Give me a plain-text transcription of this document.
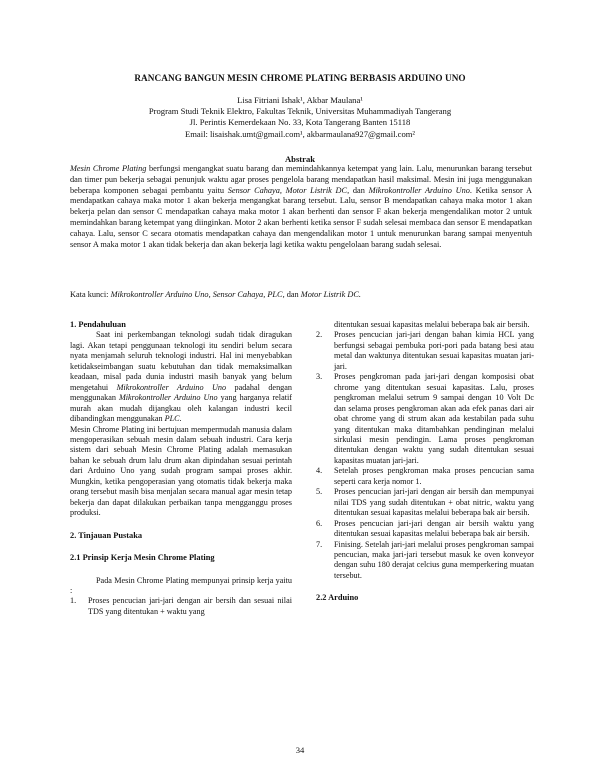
RANCANG BANGUN MESIN CHROME PLATING BERBASIS ARDUINO UNO
Lisa Fitriani Ishak¹, Akbar Maulana¹
Program Studi Teknik Elektro, Fakultas Teknik, Universitas Muhammadiyah Tangerang
Jl. Perintis Kemerdekaan No. 33, Kota Tangerang Banten 15118
Email: lisaishak.umt@gmail.com¹, akbarmaulana927@gmail.com²
Abstrak
Mesin Chrome Plating berfungsi mengangkat suatu barang dan memindahkannya ketempat yang lain. Lalu, menurunkan barang tersebut dan timer pun bekerja sebagai penunjuk waktu agar proses pengelola barang mendapatkan hasil maksimal. Mesin ini juga menggunakan beberapa komponen sebagai pembantu yaitu Sensor Cahaya, Motor Listrik DC, dan Mikrokontroller Arduino Uno. Ketika sensor A mendapatkan cahaya maka motor 1 akan bekerja mengangkat barang tersebut. Lalu, sensor B mendapatkan cahaya maka motor 1 akan bekerja pelan dan sensor C mendapatkan cahaya maka motor 1 akan berhenti dan sensor F akan bekerja mengendalikan motor 2 untuk memindahkan barang ketempat yang diinginkan. Motor 2 akan berhenti ketika sensor F sudah selesai membaca dan sensor E mendapatkan cahaya. Lalu, sensor C secara otomatis mendapatkan cahaya dan mengendalikan motor 1 untuk menurunkan barang sampai menyentuh sensor A maka motor 1 akan tidak bekerja dan akan bekerja lagi ketika waktu pengelolaan barang sudah selesai.
Kata kunci: Mikrokontroller Arduino Uno, Sensor Cahaya, PLC, dan Motor Listrik DC.

1. Pendahuluan

Saat ini perkembangan teknologi sudah tidak diragukan lagi. Akan tetapi penggunaan teknologi itu sendiri belum secara nyata menjamah seluruh teknologi industri. Hal ini menyebabkan ketidakseimbangan suatu kebutuhan dan tidak memaksimalkan keadaan, misal pada dunia industri masih banyak yang belum mengetahui Mikrokontroller Arduino Uno padahal dengan menggunakan Mikrokontroller Arduino Uno yang harganya relatif murah akan mudah dijangkau oleh kalangan industri kecil dibandingkan menggunakan PLC.

Mesin Chrome Plating ini bertujuan mempermudah manusia dalam mengoperasikan sebuah mesin dalam sebuah industri. Cara kerja sistem dari sebuah Mesin Chrome Plating adalah memasukan bahan ke sebuah drum lalu drum akan dipindahan sesuai perintah dari Arduino Uno yang sudah program sampai proses akhir. Mungkin, ketika pengoperasian yang otomatis tidak bekerja maka orang tersebut masih bisa menjalan secara manual agar mesin tetap bekerja dan dapat dilakukan perbaikan tanpa mengganggu proses produksi.

2. Tinjauan Pustaka

2.1 Prinsip Kerja Mesin Chrome Plating

Pada Mesin Chrome Plating mempunyai prinsip kerja yaitu :

1. Proses pencucian jari-jari dengan air bersih dan sesuai nilai TDS yang ditentukan + waktu yang
ditentukan sesuai kapasitas melalui beberapa bak air bersih.
2. Proses pencucian jari-jari dengan bahan kimia HCL yang berfungsi sebagai pembuka pori-pori pada batang besi atau metal dan waktunya ditentukan sesuai kapasitas muatan jari-jari.
3. Proses pengkroman pada jari-jari dengan komposisi obat chrome yang ditentukan sesuai kapasitas. Lalu, proses pengkroman melalui setrum 9 sampai dengan 10 Volt Dc dan selama proses pengkroman akan ada efek panas dari air obat chrome yang di strum akan ada kestabilan pada suhu yang ditentukan maka ditambahkan pendinginan melalui sirkulasi mesin pendingin. Lama proses pengkroman ditentukan dengan waktu yang sudah ditentukan sesuai kapasitas muatan jari-jari.
4. Setelah proses pengkroman maka proses pencucian sama seperti cara kerja nomor 1.
5. Proses pencucian jari-jari dengan air bersih dan mempunyai nilai TDS yang sudah ditentukan + obat nitric, waktu yang ditentukan sesuai kapasitas melalui beberapa bak air bersih.
6. Proses pencucian jari-jari dengan air bersih waktu yang ditentukan sesuai kapasitas melalui beberapa bak air bersih.
7. Finising. Setelah jari-jari melalui proses pengkroman sampai pencucian, maka jari-jari tersebut masuk ke oven konveyor dengan suhu 180 derajat celcius guna memperkering muatan tersebut.

2.2 Arduino

34
